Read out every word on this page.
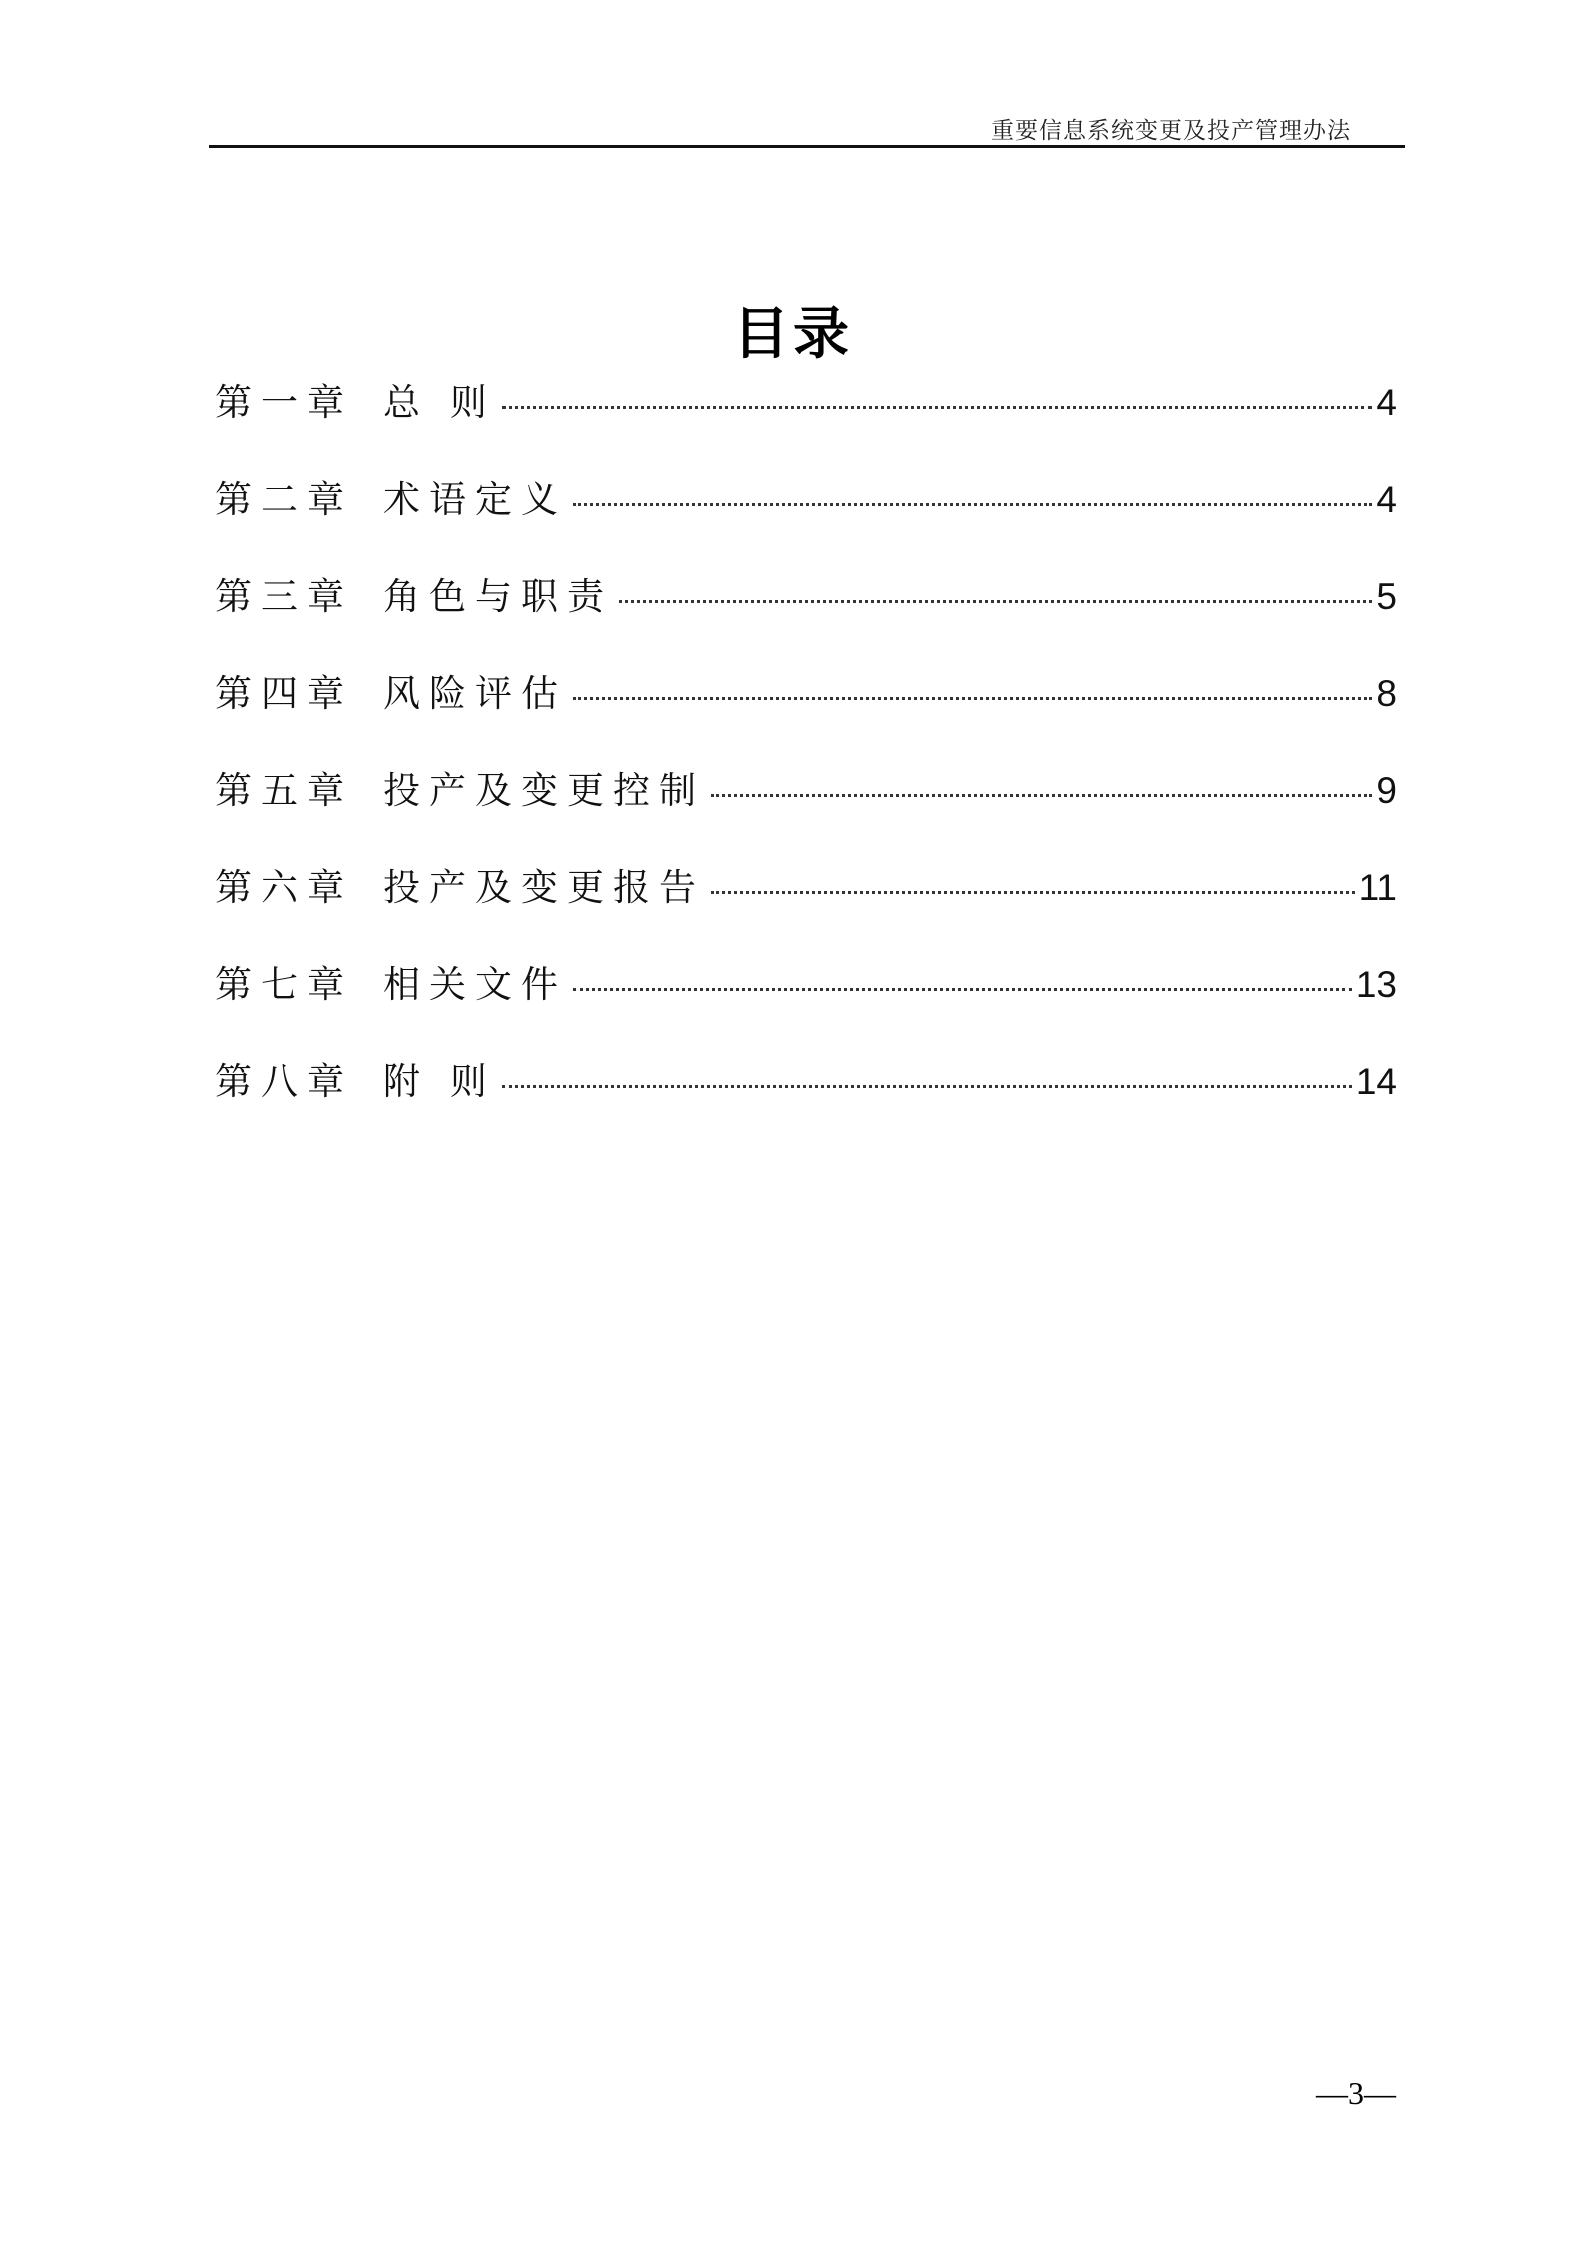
重要信息系统变更及投产管理办法
目录
第一章 总 则	4
第二章 术语定义	4
第三章 角色与职责	5
第四章 风险评估	8
第五章 投产及变更控制	9
第六章 投产及变更报告	11
第七章 相关文件	13
第八章 附 则	14
—3—
